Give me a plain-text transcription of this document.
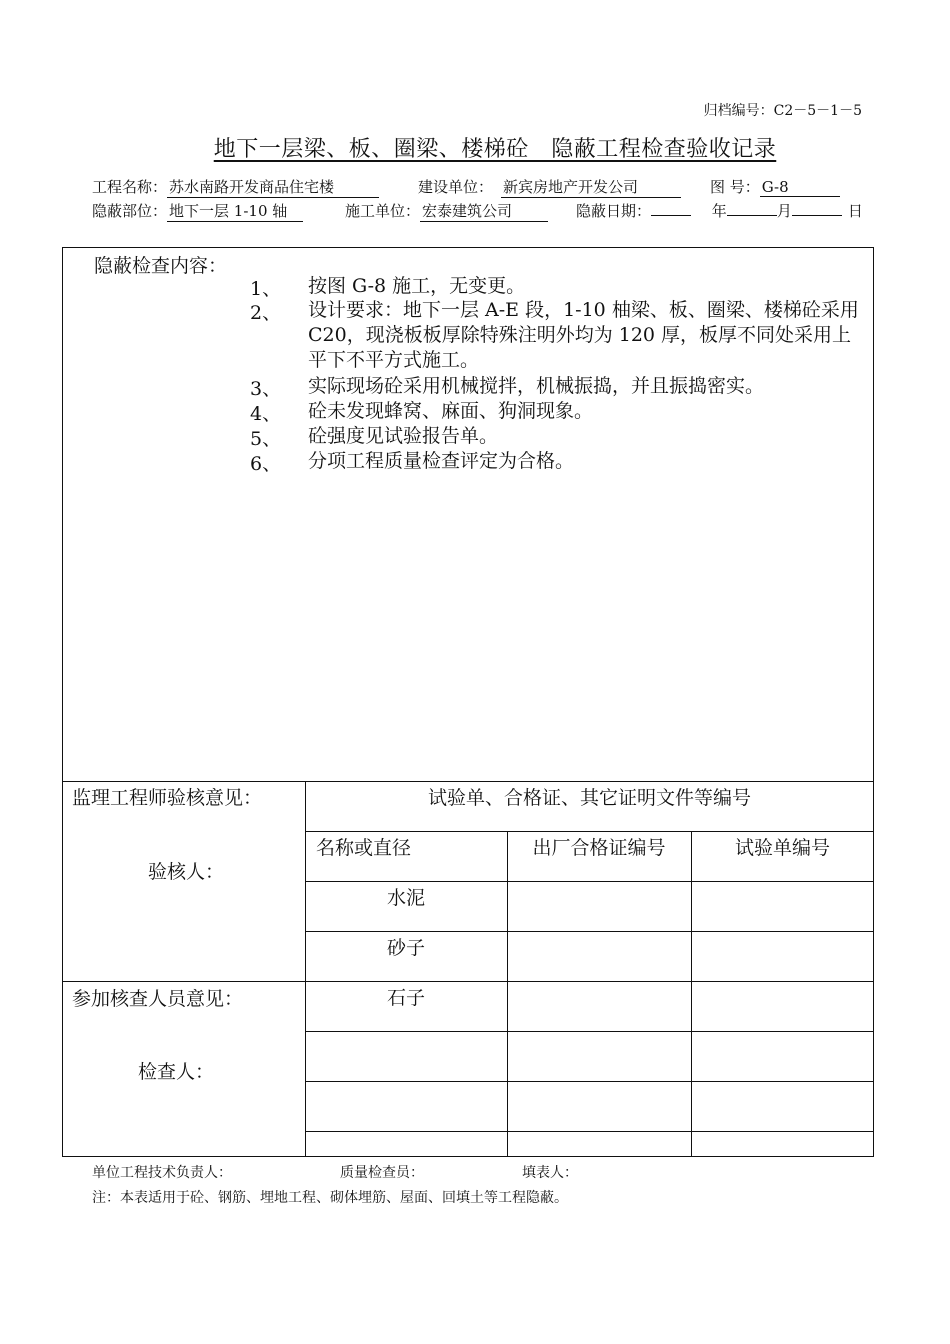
归档编号：C2－5－1－5
地下一层梁、板、圈梁、楼梯砼　隐蔽工程检查验收记录
工程名称： 苏水南路开发商品住宅楼	建设单位： 新宾房地产开发公司	图 号： G-8
隐蔽部位： 地下一层 1-10 轴	施工单位： 宏泰建筑公司	隐蔽日期：	年	月	日
隐蔽检查内容：
1、 按图 G-8 施工，无变更。
2、 设计要求：地下一层 A-E 段，1-10 柚梁、板、圈梁、楼梯砼采用 C20，现浇板板厚除特殊注明外均为 120 厚，板厚不同处采用上平下不平方式施工。
3、 实际现场砼采用机械搅拌，机械振捣，并且振捣密实。
4、 砼未发现蜂窝、麻面、狗洞现象。
5、 砼强度见试验报告单。
6、 分项工程质量检查评定为合格。
监理工程师验核意见：
验核人：
参加核查人员意见：
检查人：
试验单、合格证、其它证明文件等编号
名称或直径	出厂合格证编号	试验单编号
水泥
砂子
石子
单位工程技术负责人：	质量检查员：	填表人：
注：本表适用于砼、钢筋、埋地工程、砌体埋筋、屋面、回填土等工程隐蔽。
